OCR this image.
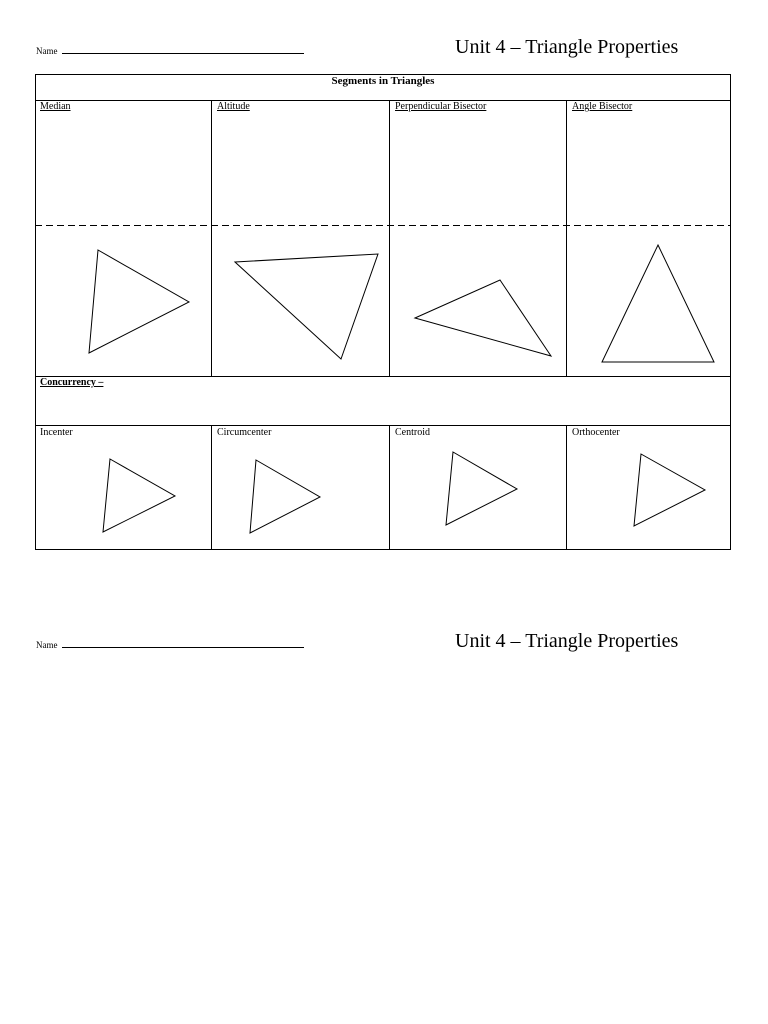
Name	Unit 4 – Triangle Properties
Segments in Triangles
Median	Altitude	Perpendicular Bisector	Angle Bisector
Concurrency –
Incenter	Circumcenter	Centroid	Orthocenter
Name	Unit 4 – Triangle Properties
